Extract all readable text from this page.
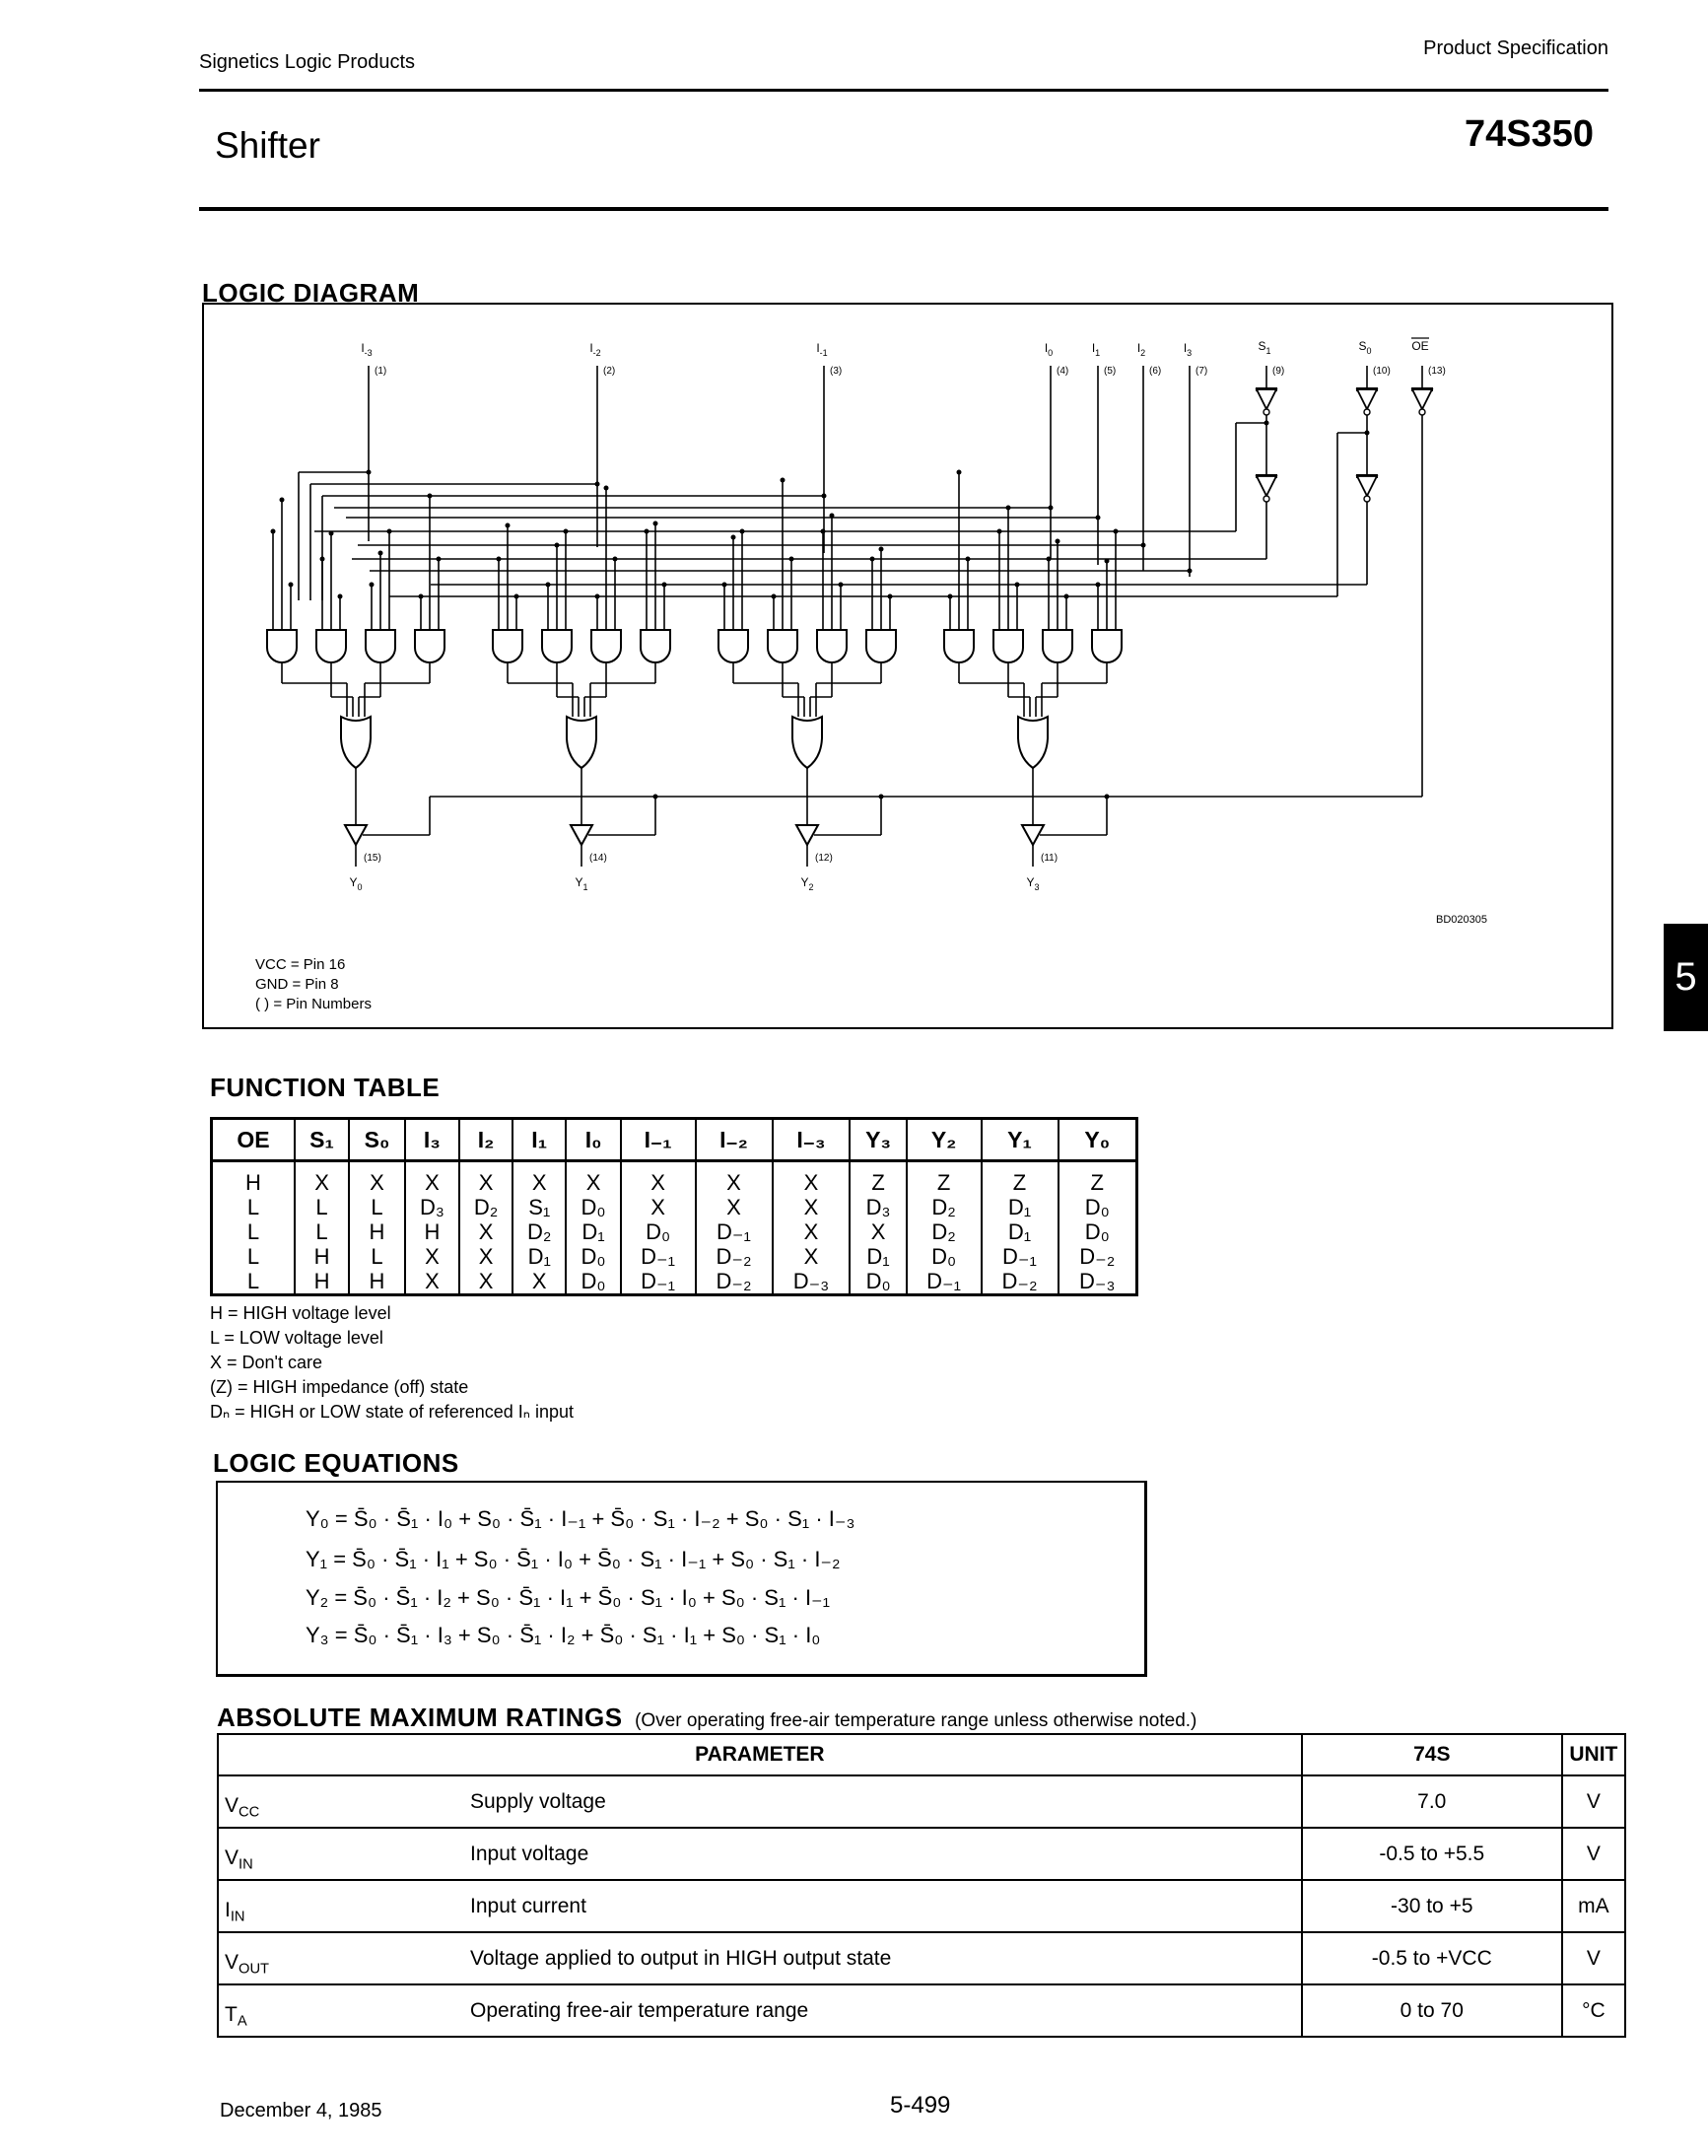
Signetics Logic Products
Product Specification
Shifter	74S350
5
LOGIC DIAGRAM
$I_{-3}$
(1)
$I_{-2}$
(2)
$I_{-1}$
(3)
$I_0$
(4)
$I_1$
(5)
$I_2$
(6)
$I_3$
(7)
$S_1$
(9)
$S_0$
(10)
OE
(13)
$Y_0$
(15)
$Y_1$
(14)
$Y_2$
(12)
$Y_3$
(11)
BD020305
VCC = Pin 16
GND = Pin 8
( ) = Pin Numbers
FUNCTION TABLE
OE	S₁	S₀	I₃	I₂	I₁	I₀	I₋₁	I₋₂	I₋₃	Y₃	Y₂	Y₁	Y₀
H	X	X	X	X	X	X	X	X	X	Z	Z	Z	Z
L	L	L	D₃	D₂	S₁	D₀	X	X	X	D₃	D₂	D₁	D₀
L	L	H	H	X	D₂	D₁	D₀	D₋₁	X	X	D₂	D₁	D₀
L	H	L	X	X	D₁	D₀	D₋₁	D₋₂	X	D₁	D₀	D₋₁	D₋₂
L	H	H	X	X	X	D₀	D₋₁	D₋₂	D₋₃	D₀	D₋₁	D₋₂	D₋₃
H = HIGH voltage level
L = LOW voltage level
X = Don't care
(Z) = HIGH impedance (off) state
Dₙ = HIGH or LOW state of referenced Iₙ input
LOGIC EQUATIONS
Y₀ = S̄₀ · S̄₁ · I₀ + S₀ · S̄₁ · I₋₁ + S̄₀ · S₁ · I₋₂ + S₀ · S₁ · I₋₃
Y₁ = S̄₀ · S̄₁ · I₁ + S₀ · S̄₁ · I₀ + S̄₀ · S₁ · I₋₁ + S₀ · S₁ · I₋₂
Y₂ = S̄₀ · S̄₁ · I₂ + S₀ · S̄₁ · I₁ + S̄₀ · S₁ · I₀ + S₀ · S₁ · I₋₁
Y₃ = S̄₀ · S̄₁ · I₃ + S₀ · S̄₁ · I₂ + S̄₀ · S₁ · I₁ + S₀ · S₁ · I₀
ABSOLUTE MAXIMUM RATINGS (Over operating free-air temperature range unless otherwise noted.)
PARAMETER		74S	UNIT
$V_{CC}$	Supply voltage	7.0	V
$V_{IN}$	Input voltage	-0.5 to +5.5	V
$I_{IN}$	Input current	-30 to +5	mA
$V_{OUT}$	Voltage applied to output in HIGH output state	-0.5 to +VCC	V
$T_A$	Operating free-air temperature range	0 to 70	°C
December 4, 1985	5-499
